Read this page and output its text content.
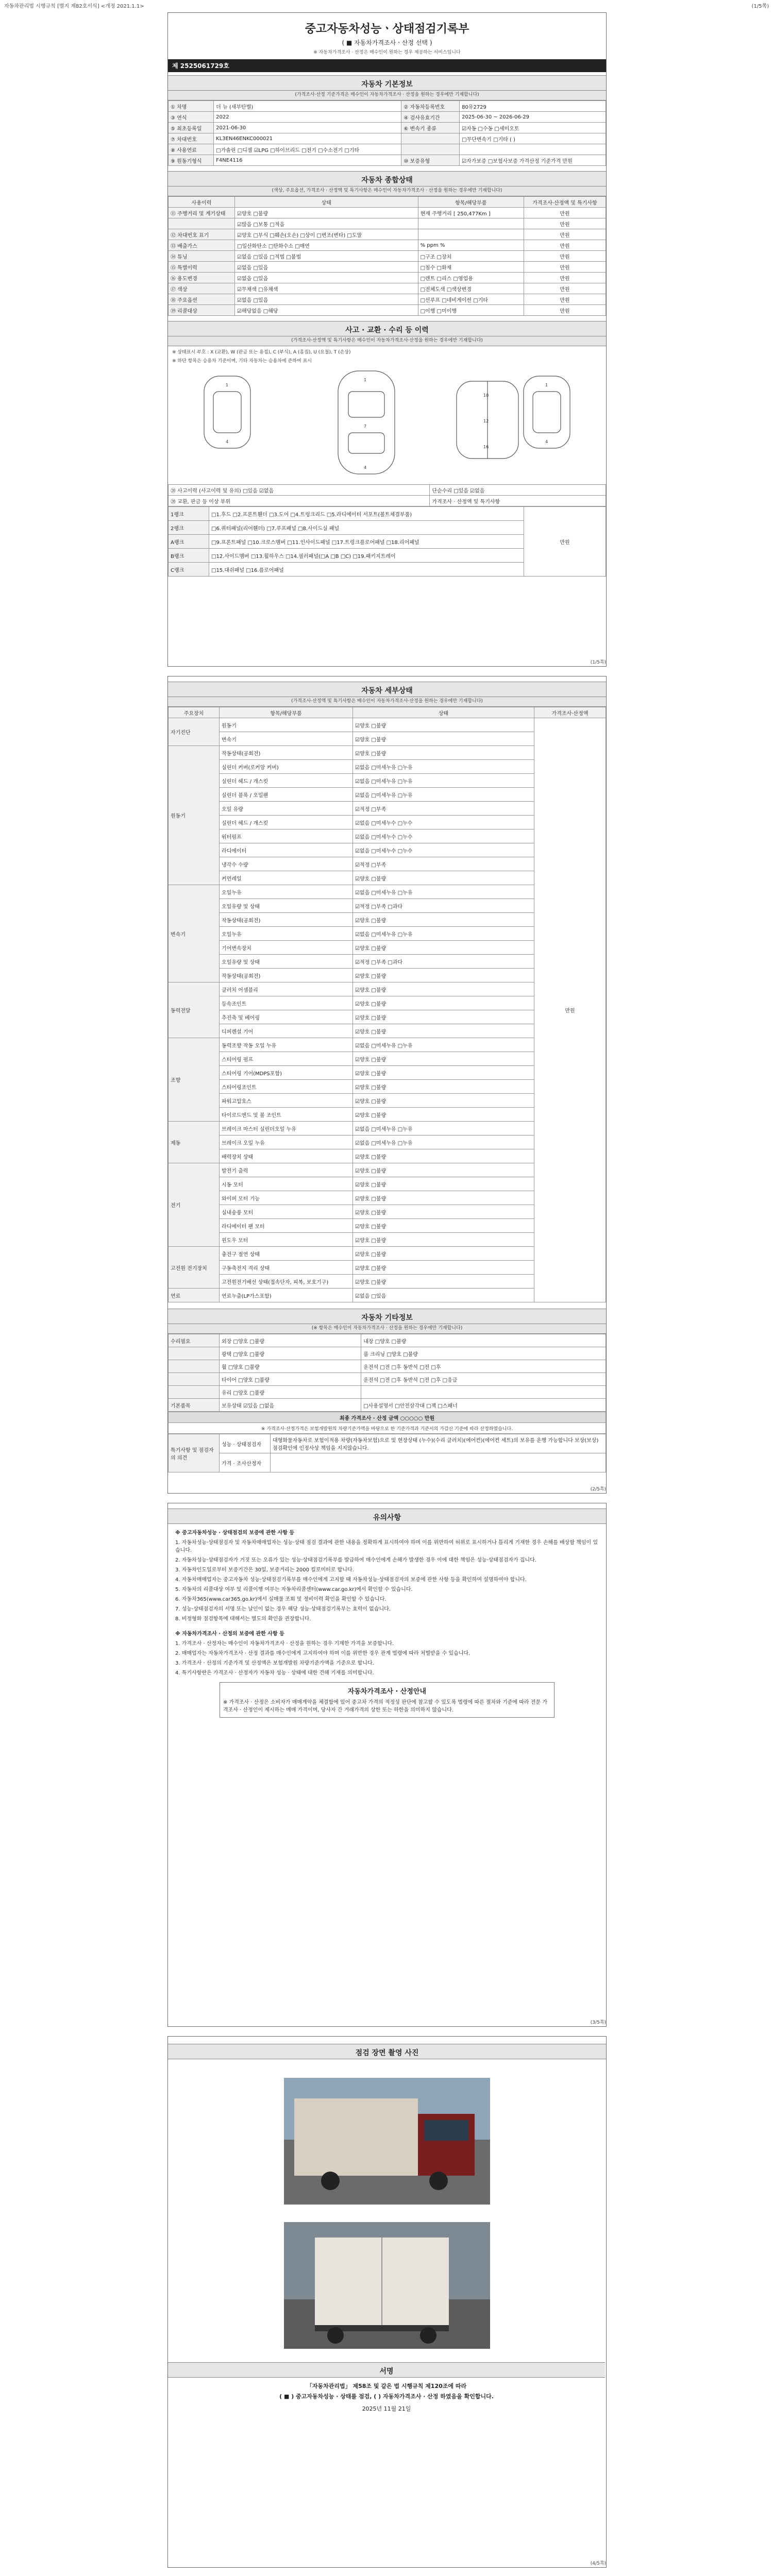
자동차관리법 시행규칙 [별지 제82호서식] <개정 2021.1.1>	(1/5쪽)
중고자동차성능ㆍ상태점검기록부
( ■ 자동차가격조사ㆍ산정 선택 )
※ 자동차가격조사 · 산정은 매수인이 원하는 경우 제공하는 서비스입니다
제 2525061729호
자동차 기본정보
(가격조사·산정 기준가격은 매수인이 자동차가격조사 · 산정을 원하는 경우에만 기재합니다)
① 차명	더 뉴 (새부탄별)	② 자동차등록번호	80유2729
③ 연식	2022	④ 검사유효기간	2025-06-30 ~ 2026-06-29
⑤ 최초등록일	2021-06-30	⑥ 변속기 종류	☑자동 □수동 □세미오토
⑦ 차대번호	KL3EN46ENKC000021		□무단변속기 □기타 ( )
⑧ 사용연료	□가솔린 □디젤 ☑LPG □하이브리드 □전기 □수소전기 □기타		
⑨ 원동기형식	F4NE4116	⑩ 보증유형	☑자가보증 □보험사보증 가격산정 기준가격 만원
자동차 종합상태
(색상, 주요옵션, 가격조사 · 산정액 및 특기사항은 매수인이 자동차가격조사 · 산정을 원하는 경우에만 기재합니다)
사용이력	상태	항목/해당부품	가격조사·산정액 및 특기사항
⑪ 주행거리 및 계기상태	☑양호 □불량	현재 주행거리 [ 250,477Km ]	만원
	☑많음 □보통 □적음		만원
⑫ 차대번호 표기	☑양호 □부식 □훼손(오손) □상이 □변조(변타) □도말		만원
⑬ 배출가스	□일산화탄소 □탄화수소 □매연	% ppm %	만원
⑭ 튜닝	☑없음 □있음 □적법 □불법	□구조 □장치	만원
⑮ 특별이력	☑없음 □있음	□침수 □화재	만원
⑯ 용도변경	☑없음 □있음	□렌트 □리스 □영업용	만원
⑰ 색상	☑무채색 □유채색	□전체도색 □색상변경	만원
⑱ 주요옵션	☑없음 □있음	□선루프 □네비게이션 □기타	만원
⑲ 리콜대상	☑해당없음 □해당	□이행 □미이행	만원
사고 · 교환 · 수리 등 이력
(가격조사·산정액 및 특기사항은 매수인이 자동차가격조사·산정을 원하는 경우에만 기재합니다)
※ 상태표시 부호 : X (교환), W (판금 또는 용접), C (부식), A (흠집), U (요철), T (손상)
※ 하단 항목은 승용차 기준이며, 기타 자동차는 승용차에 준하여 표시
1
4
1
7
4
10
12
16
1
4
⑳ 사고이력 (사고이력 및 유의) □있음 ☑없음	단순수리 □있음 ☑없음
⑳ 교환, 판금 등 이상 부위	가격조사 · 산정액 및 특기사항
1랭크	□1.후드 □2.프론트휀더 □3.도어 □4.트렁크리드 □5.라디에이터 서포트(볼트체결부품)	만원
2랭크	□6.쿼터패널(리어휀더) □7.루프패널 □8.사이드실 패널	
A랭크	□9.프론트패널 □10.크로스멤버 □11.인사이드패널 □17.트렁크플로어패널 □18.리어패널	
B랭크	□12.사이드멤버 □13.휠하우스 □14.필러패널(□A □B □C) □19.패키지트레이	
C랭크	□15.대쉬패널 □16.플로어패널	
(1/5쪽)
자동차 세부상태
(가격조사·산정액 및 특기사항은 매수인이 자동차가격조사·산정을 원하는 경우에만 기재합니다)
주요장치	항목/해당부품	상태	가격조사·산정액
자기진단	원동기	☑양호 □불량	만원
	변속기	☑양호 □불량	
원동기	작동상태(공회전)	☑양호 □불량	
	실린더 커버(로커암 커버)	☑없음 □미세누유 □누유	
	실린더 헤드 / 개스킷	☑없음 □미세누유 □누유	
	실린더 블록 / 오일팬	☑없음 □미세누유 □누유	
	오일 유량	☑적정 □부족	
	실린더 헤드 / 개스킷	☑없음 □미세누수 □누수	
	워터펌프	☑없음 □미세누수 □누수	
	라디에이터	☑없음 □미세누수 □누수	
	냉각수 수량	☑적정 □부족	
	커먼레일	☑양호 □불량	
변속기	오일누유	☑없음 □미세누유 □누유	
	오일유량 및 상태	☑적정 □부족 □과다	
	작동상태(공회전)	☑양호 □불량	
	오일누유	☑없음 □미세누유 □누유	
	기어변속장치	☑양호 □불량	
	오일유량 및 상태	☑적정 □부족 □과다	
	작동상태(공회전)	☑양호 □불량	
동력전달	클러치 어셈블리	☑양호 □불량	
	등속조인트	☑양호 □불량	
	추진축 및 베어링	☑양호 □불량	
	디퍼렌셜 기어	☑양호 □불량	
조향	동력조향 작동 오일 누유	☑없음 □미세누유 □누유	
	스티어링 펌프	☑양호 □불량	
	스티어링 기어(MDPS포함)	☑양호 □불량	
	스티어링조인트	☑양호 □불량	
	파워고압호스	☑양호 □불량	
	타이로드엔드 및 볼 조인트	☑양호 □불량	
제동	브레이크 마스터 실린더오일 누유	☑없음 □미세누유 □누유	
	브레이크 오일 누유	☑없음 □미세누유 □누유	
	배력장치 상태	☑양호 □불량	
전기	발전기 출력	☑양호 □불량	
	시동 모터	☑양호 □불량	
	와이퍼 모터 기능	☑양호 □불량	
	실내송풍 모터	☑양호 □불량	
	라디에이터 팬 모터	☑양호 □불량	
	윈도우 모터	☑양호 □불량	
고전원 전기장치	충전구 절연 상태	☑양호 □불량	
	구동축전지 격리 상태	☑양호 □불량	
	고전원전기배선 상태(접속단자, 피복, 보호기구)	☑양호 □불량	
연료	연료누출(LP가스포함)	☑없음 □있음	
자동차 기타정보
(※ 항목은 매수인이 자동차가격조사 · 산정을 원하는 경우에만 기재합니다)
수리필요	외장 □양호 □불량	내장 □양호 □불량
	광택 □양호 □불량	룸 크리닝 □양호 □불량
	휠 □양호 □불량	운전석 □전 □후 동반석 □전 □후
	타이어 □양호 □불량	운전석 □전 □후 동반석 □전 □후 □응급
	유리 □양호 □불량	
기본품목	보유상태 ☑있음 □없음	□사용설명서 □안전삼각대 □잭 □스패너
최종 가격조사 · 산정 금액 ○○○○○ 만원
※ 가격조사·산정가격은 보험개발원의 차량기준가액을 바탕으로 한 기준가격과 기준서의 가감산 기준에 따라 산정하였습니다.
특기사항 및 점검자의 의견	성능 · 상태점검자	대형화물자동차로 보험이적용 차량(자동차보험)으로 및 현장상태 (누수)(수리 클러치)(에어컨)(에어컨 세트)의 보유를 운행 가능합니다 보상(보상)점검확인에 인정사상 책임을 지지않습니다.
	가격 · 조사산정자	
(2/5쪽)
유의사항
※ 중고자동차성능 · 상태점검의 보증에 관한 사항 등
1. 자동차성능·상태점검자 및 자동차매매업자는 성능·상태 점검 결과에 관한 내용을 정확하게 표시하여야 하며 이를 위반하여 허위로 표시하거나 틀리게 기재한 경우 손해를 배상할 책임이 있습니다.
2. 자동차성능·상태점검자가 거짓 또는 오류가 있는 성능·상태점검기록부를 발급하여 매수인에게 손해가 발생한 경우 이에 대한 책임은 성능·상태점검자가 집니다.
3. 자동차인도일로부터 보증기간은 30일, 보증거리는 2000 킬로미터로 합니다.
4. 자동차매매업자는 중고자동차 성능·상태점검기록부를 매수인에게 고지할 때 자동차성능·상태점검자의 보증에 관한 사항 등을 확인하여 설명하여야 합니다.
5. 자동차의 리콜대상 여부 및 리콜이행 여부는 자동차리콜센터(www.car.go.kr)에서 확인할 수 있습니다.
6. 자동차365(www.car365.go.kr)에서 실매물 조회 및 정비이력 확인을 확인할 수 있습니다.
7. 성능·상태점검자의 서명 또는 날인이 없는 경우 해당 성능·상태점검기록부는 효력이 없습니다.
8. 비정형화 점검항목에 대해서는 별도의 확인을 권장합니다.
※ 자동차가격조사 · 산정의 보증에 관한 사항 등
1. 가격조사 · 산정자는 매수인이 자동차가격조사 · 산정을 원하는 경우 기재한 가격을 보증합니다.
2. 매매업자는 자동차가격조사 · 산정 결과를 매수인에게 고지하여야 하며 이를 위반한 경우 관계 법령에 따라 처벌받을 수 있습니다.
3. 가격조사 · 산정의 기준가격 및 산정액은 보험개발원 차량기준가액을 기준으로 합니다.
4. 특기사항란은 가격조사 · 산정자가 자동차 성능 · 상태에 대한 견해 기재를 의미합니다.
자동차가격조사 · 산정안내
※ 가격조사 · 산정은 소비자가 매매계약을 체결함에 있어 중고차 가격의 적정성 판단에 참고할 수 있도록 법령에 따른 절차와 기준에 따라 전문 가격조사 · 산정인이 제시하는 매매 가격이며, 당사자 간 거래가격의 상한 또는 하한을 의미하지 않습니다.
(3/5쪽)
점검 장면 촬영 사진
서명
「자동차관리법」 제58조 및 같은 법 시행규칙 제120조에 따라
( ■ ) 중고자동차성능 · 상태를 점검, ( ) 자동차가격조사 · 산정 하였음을 확인합니다.
2025년 11월 21일
(4/5쪽)
